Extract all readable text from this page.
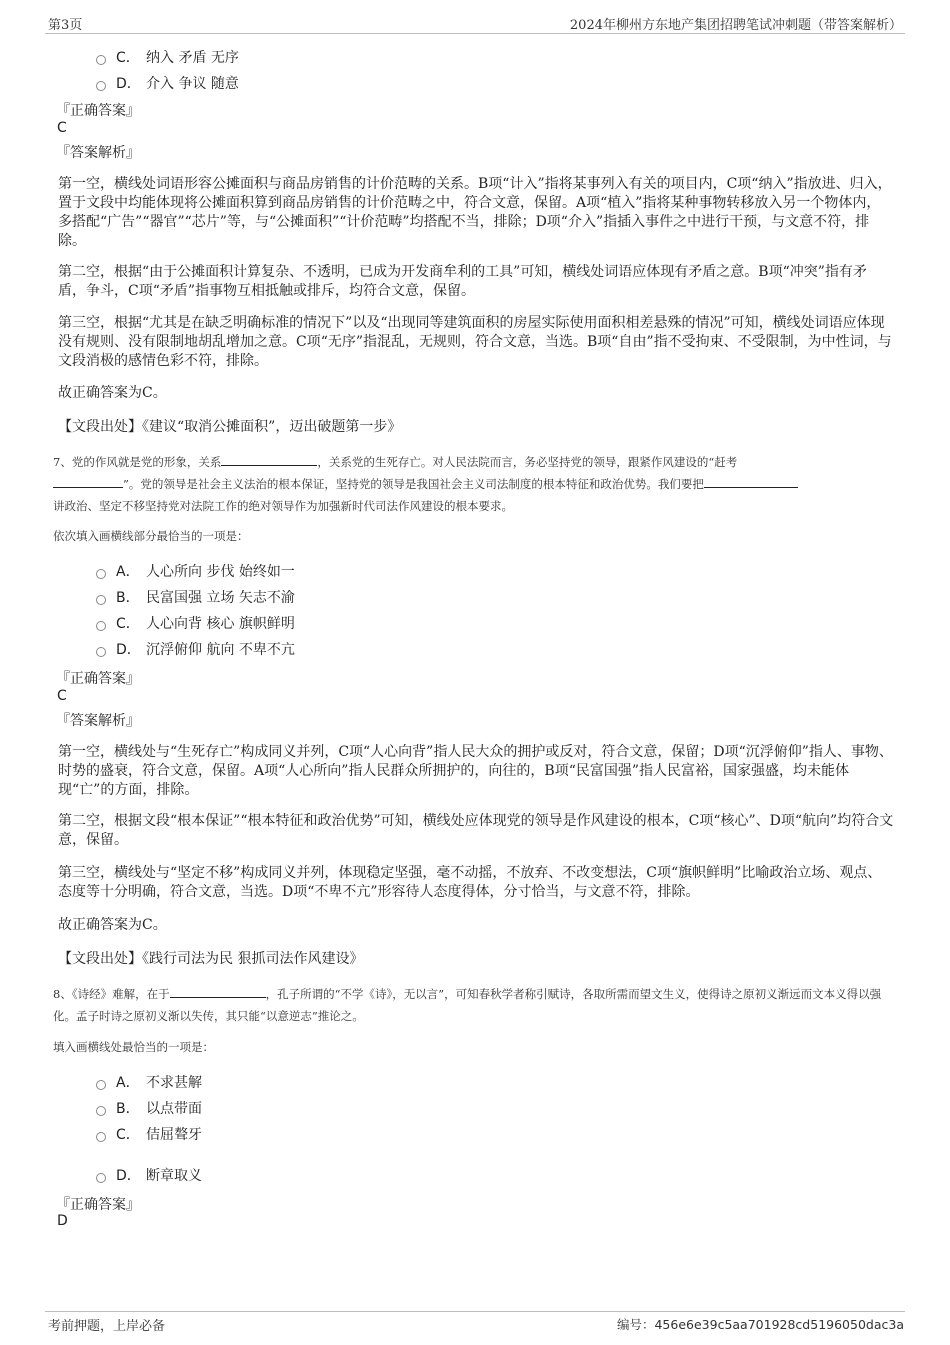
第3页	2024年柳州方东地产集团招聘笔试冲刺题（带答案解析）
C． 纳入 矛盾 无序
D． 介入 争议 随意
『正确答案』
C
『答案解析』
第一空，横线处词语形容公摊面积与商品房销售的计价范畴的关系。B项“计入”指将某事列入有关的项目内，C项“纳入”指放进、归入，置于文段中均能体现将公摊面积算到商品房销售的计价范畴之中，符合文意，保留。A项“植入”指将某种事物转移放入另一个物体内，多搭配“广告”“器官”“芯片”等，与“公摊面积”“计价范畴”均搭配不当，排除；D项“介入”指插入事件之中进行干预，与文意不符，排除。
第二空，根据“由于公摊面积计算复杂、不透明，已成为开发商牟利的工具”可知，横线处词语应体现有矛盾之意。B项“冲突”指有矛盾，争斗，C项“矛盾”指事物互相抵触或排斥，均符合文意，保留。
第三空，根据“尤其是在缺乏明确标准的情况下”以及“出现同等建筑面积的房屋实际使用面积相差悬殊的情况”可知，横线处词语应体现没有规则、没有限制地胡乱增加之意。C项“无序”指混乱，无规则，符合文意，当选。B项“自由”指不受拘束、不受限制，为中性词，与文段消极的感情色彩不符，排除。
故正确答案为C。
【文段出处】《建议“取消公摊面积”，迈出破题第一步》
7、党的作风就是党的形象，关系	，关系党的生死存亡。对人民法院而言，务必坚持党的领导，跟紧作风建设的“赶考
”。党的领导是社会主义法治的根本保证，坚持党的领导是我国社会主义司法制度的根本特征和政治优势。我们要把
讲政治、坚定不移坚持党对法院工作的绝对领导作为加强新时代司法作风建设的根本要求。
依次填入画横线部分最恰当的一项是：
A． 人心所向 步伐 始终如一
B． 民富国强 立场 矢志不渝
C． 人心向背 核心 旗帜鲜明
D． 沉浮俯仰 航向 不卑不亢
『正确答案』
C
『答案解析』
第一空，横线处与“生死存亡”构成同义并列，C项“人心向背”指人民大众的拥护或反对，符合文意，保留；D项“沉浮俯仰”指人、事物、时势的盛衰，符合文意，保留。A项“人心所向”指人民群众所拥护的，向往的，B项“民富国强”指人民富裕，国家强盛，均未能体现“亡”的方面，排除。
第二空，根据文段“根本保证”“根本特征和政治优势”可知，横线处应体现党的领导是作风建设的根本，C项“核心”、D项“航向”均符合文意，保留。
第三空，横线处与“坚定不移”构成同义并列，体现稳定坚强，毫不动摇，不放弃、不改变想法，C项“旗帜鲜明”比喻政治立场、观点、态度等十分明确，符合文意，当选。D项“不卑不亢”形容待人态度得体，分寸恰当，与文意不符，排除。
故正确答案为C。
【文段出处】《践行司法为民 狠抓司法作风建设》
8、《诗经》难解，在于	，孔子所谓的“不学《诗》，无以言”，可知春秋学者称引赋诗，各取所需而望文生义，使得诗之原初义渐远而文本义得以强化。孟子时诗之原初义渐以失传，其只能“以意逆志”推论之。
填入画横线处最恰当的一项是：
A． 不求甚解
B． 以点带面
C． 佶屈聱牙
D． 断章取义
『正确答案』
D
考前押题，上岸必备	编号：456e6e39c5aa701928cd5196050dac3a
